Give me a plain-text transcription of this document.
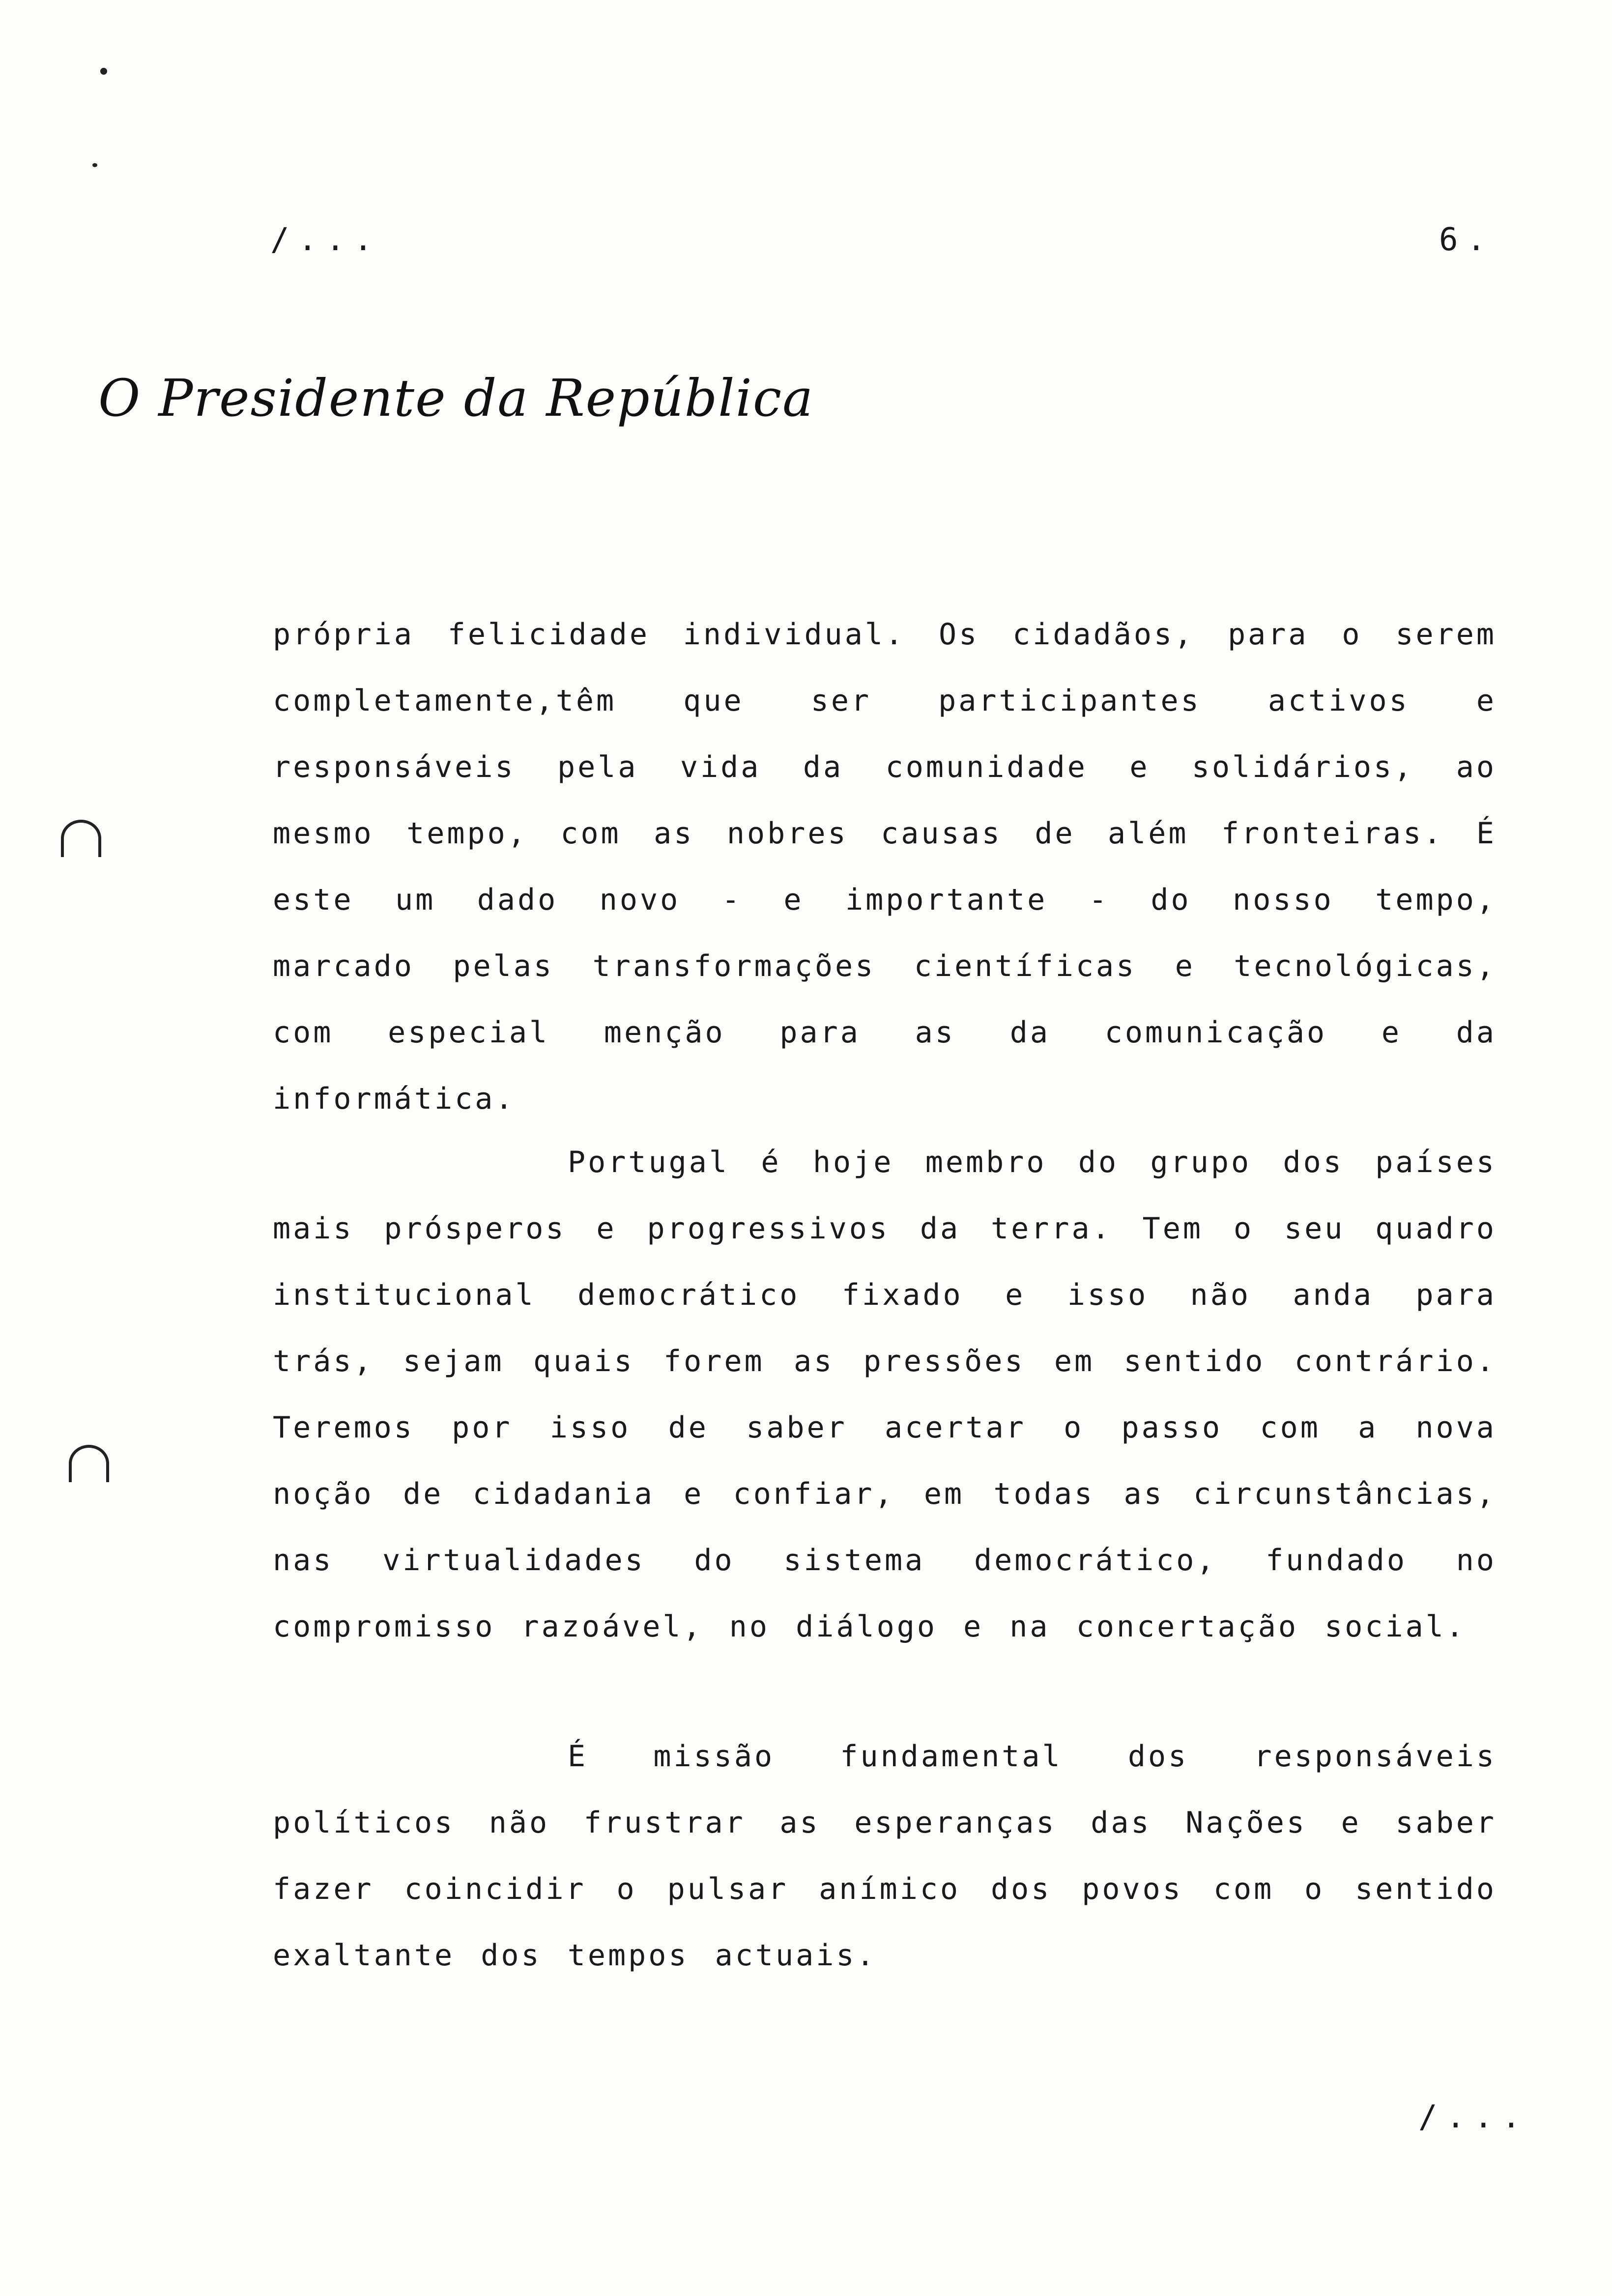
/...	6.
O Presidente da República

própria felicidade individual. Os cidadãos, para o serem completamente,têm que ser participantes activos e responsáveis pela vida da comunidade e solidários, ao mesmo tempo, com as nobres causas de além fronteiras. É este um dado novo - e importante - do nosso tempo, marcado pelas transformações científicas e tecnológicas, com especial menção para as da comunicação e da informática.

Portugal é hoje membro do grupo dos países mais prósperos e progressivos da terra. Tem o seu quadro institucional democrático fixado e isso não anda para trás, sejam quais forem as pressões em sentido contrário. Teremos por isso de saber acertar o passo com a nova noção de cidadania e confiar, em todas as circunstâncias, nas virtualidades do sistema democrático, fundado no compromisso razoável, no diálogo e na concertação social.

É missão fundamental dos responsáveis políticos não frustrar as esperanças das Nações e saber fazer coincidir o pulsar anímico dos povos com o sentido exaltante dos tempos actuais.

/...
